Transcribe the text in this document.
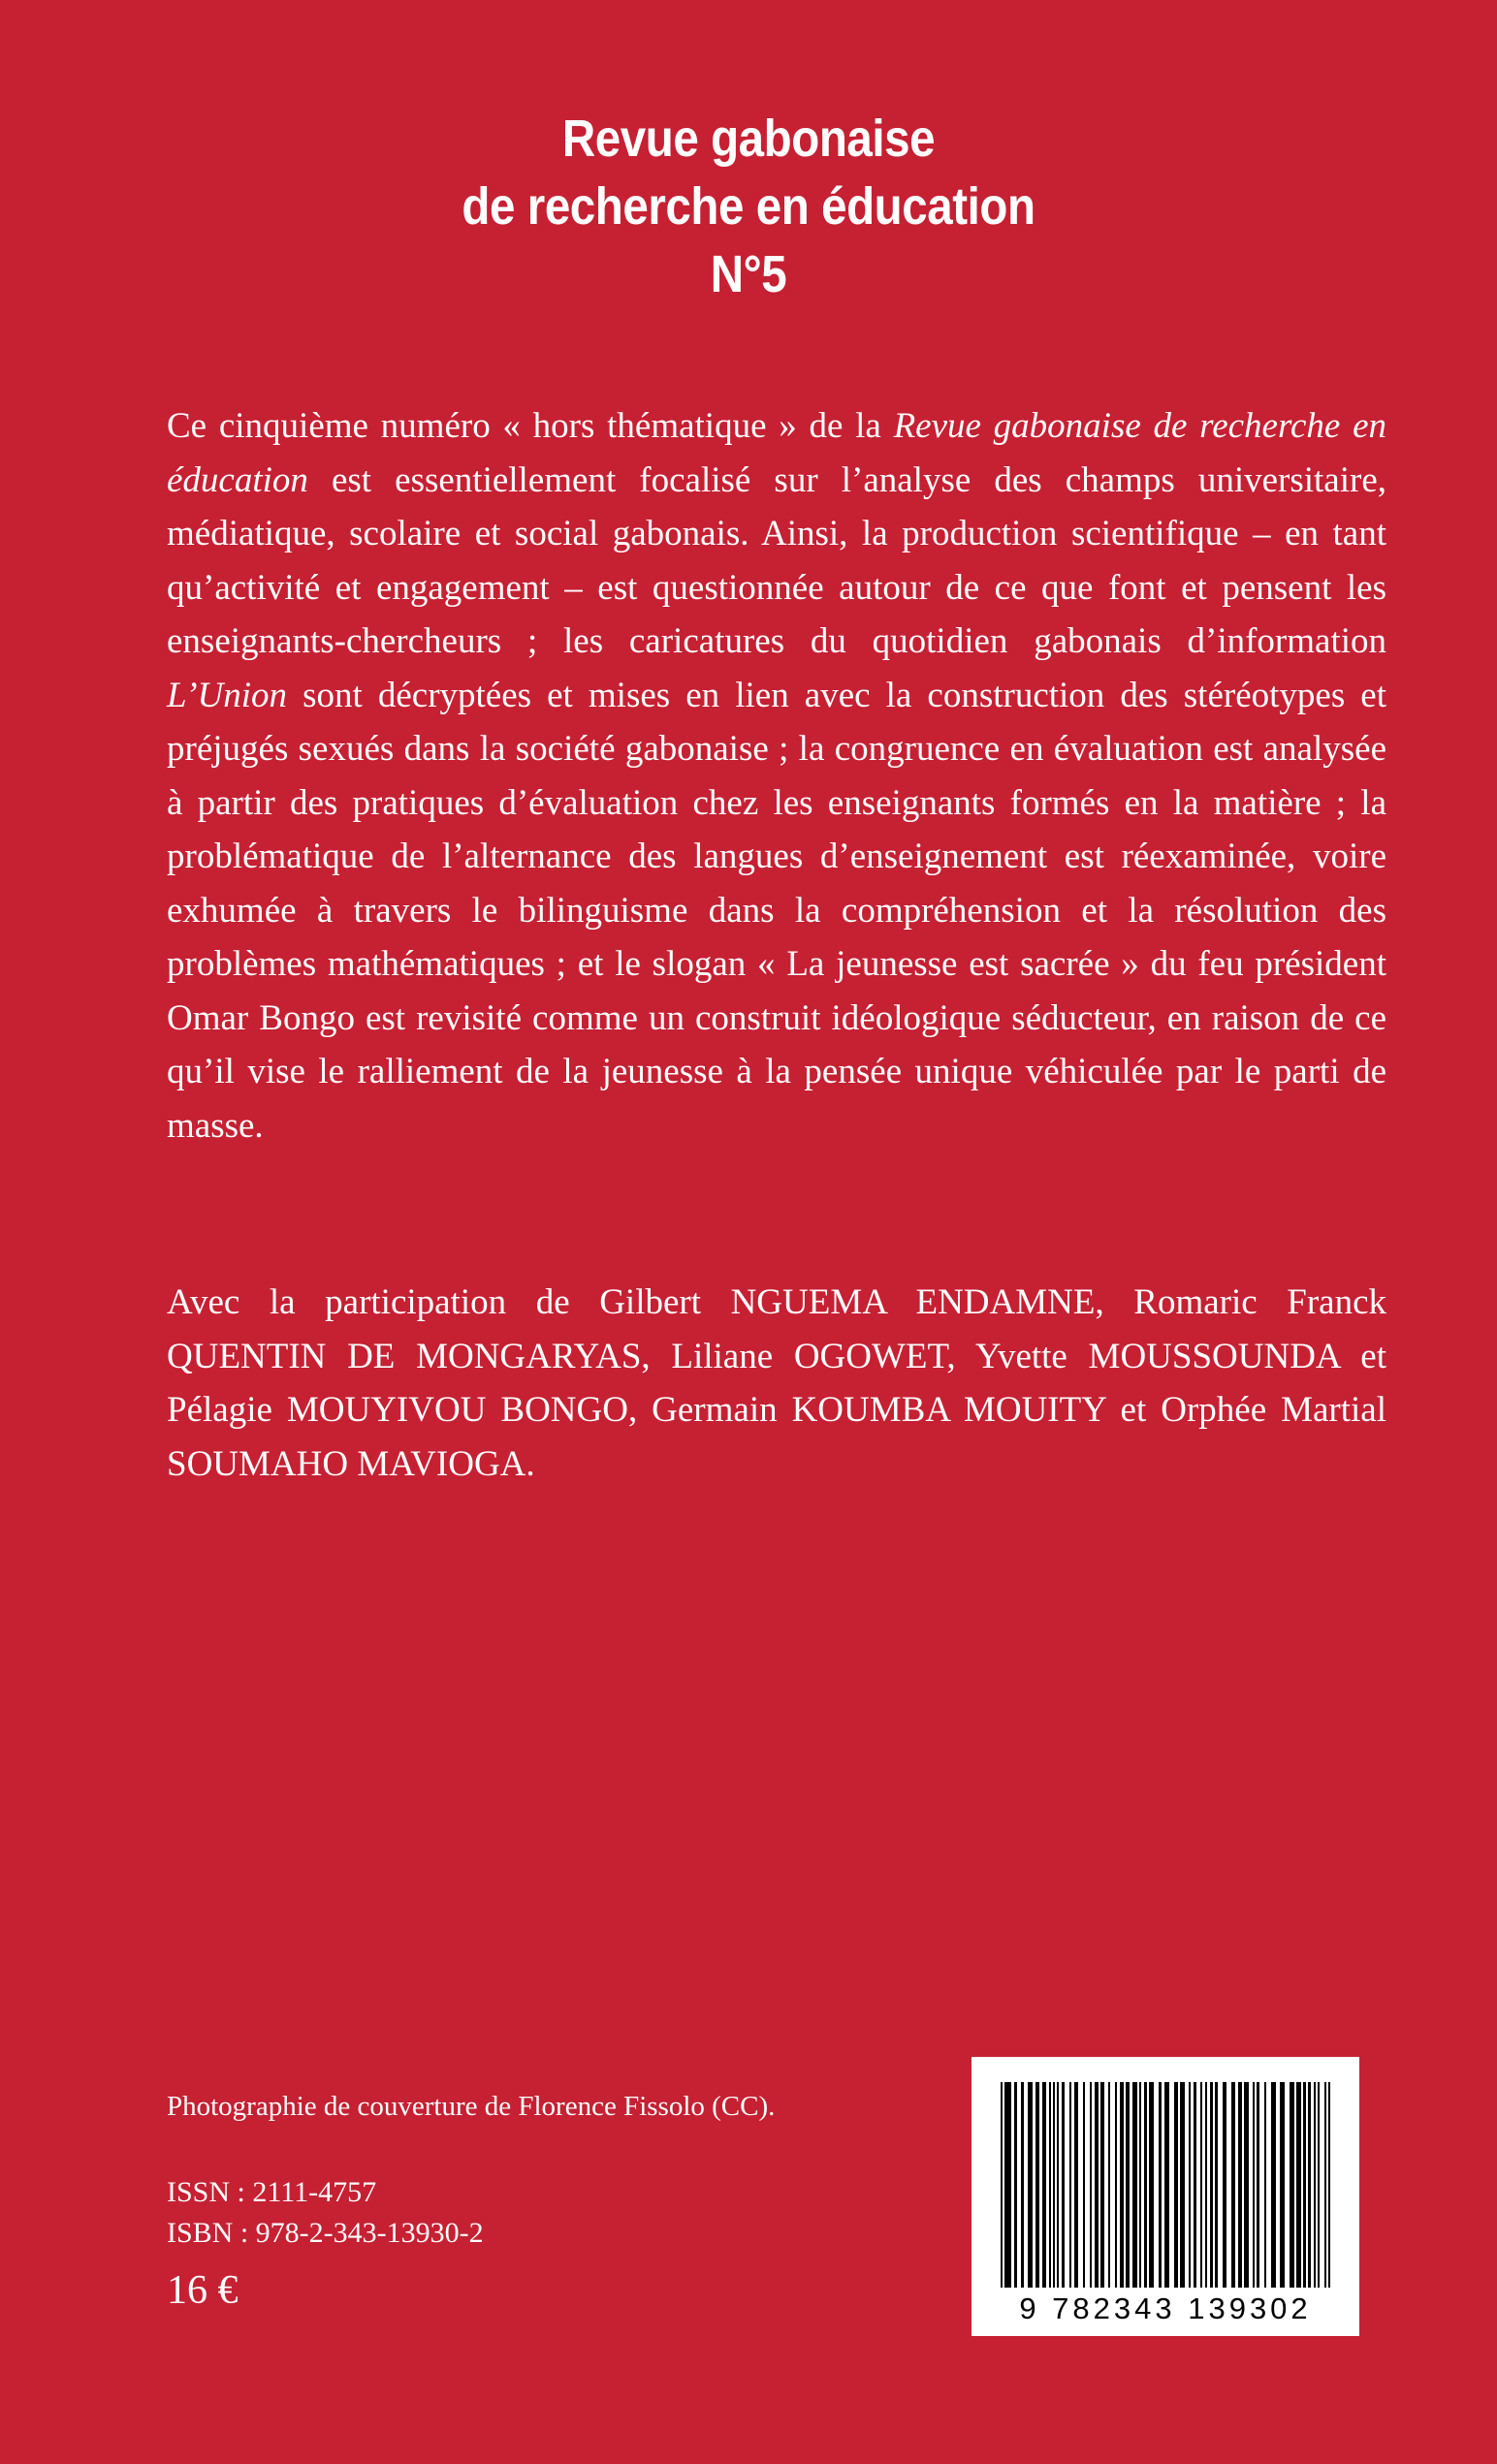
Revue gabonaise
de recherche en éducation
N°5
Ce cinquième numéro « hors thématique » de la Revue gabonaise de recherche en éducation est essentiellement focalisé sur l’analyse des champs universitaire, médiatique, scolaire et social gabonais. Ainsi, la production scientifique – en tant qu’activité et engagement – est questionnée autour de ce que font et pensent les enseignants-chercheurs ; les caricatures du quotidien gabonais d’information L’Union sont décryptées et mises en lien avec la construction des stéréotypes et préjugés sexués dans la société gabonaise ; la congruence en évaluation est analysée à partir des pratiques d’évaluation chez les enseignants formés en la matière ; la problématique de l’alternance des langues d’enseignement est réexaminée, voire exhumée à travers le bilinguisme dans la compréhension et la résolution des problèmes mathématiques ; et le slogan « La jeunesse est sacrée » du feu président Omar Bongo est revisité comme un construit idéologique séducteur, en raison de ce qu’il vise le ralliement de la jeunesse à la pensée unique véhiculée par le parti de masse.
Avec la participation de Gilbert NGUEMA ENDAMNE, Romaric Franck QUENTIN DE MONGARYAS, Liliane OGOWET, Yvette MOUSSOUNDA et Pélagie MOUYIVOU BONGO, Germain KOUMBA MOUITY et Orphée Martial SOUMAHO MAVIOGA.
Photographie de couverture de Florence Fissolo (CC).
ISSN : 2111-4757
ISBN : 978-2-343-13930-2
16 €	9 782343 139302
